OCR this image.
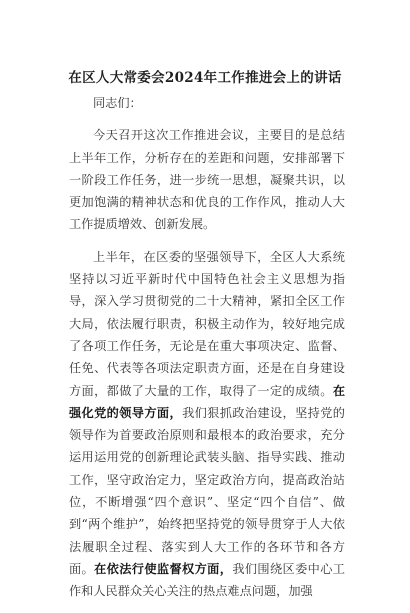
在区人大常委会2024年工作推进会上的讲话

同志们：

今天召开这次工作推进会议，主要目的是总结上半年工作，分析存在的差距和问题，安排部署下一阶段工作任务，进一步统一思想，凝聚共识，以更加饱满的精神状态和优良的工作作风，推动人大工作提质增效、创新发展。

上半年，在区委的坚强领导下，全区人大系统坚持以习近平新时代中国特色社会主义思想为指导，深入学习贯彻党的二十大精神，紧扣全区工作大局，依法履行职责，积极主动作为，较好地完成了各项工作任务，无论是在重大事项决定、监督、任免、代表等各项法定职责方面，还是在自身建设方面，都做了大量的工作，取得了一定的成绩。在强化党的领导方面，我们狠抓政治建设，坚持党的领导作为首要政治原则和最根本的政治要求，充分运用运用党的创新理论武装头脑、指导实践、推动工作，坚守政治定力，坚定政治方向，提高政治站位，不断增强“四个意识”、坚定“四个自信”、做到“两个维护”，始终把坚持党的领导贯穿于人大依法履职全过程、落实到人大工作的各环节和各方面。在依法行使监督权方面，我们围绕区委中心工作和人民群众关心关注的热点难点问题，加强
